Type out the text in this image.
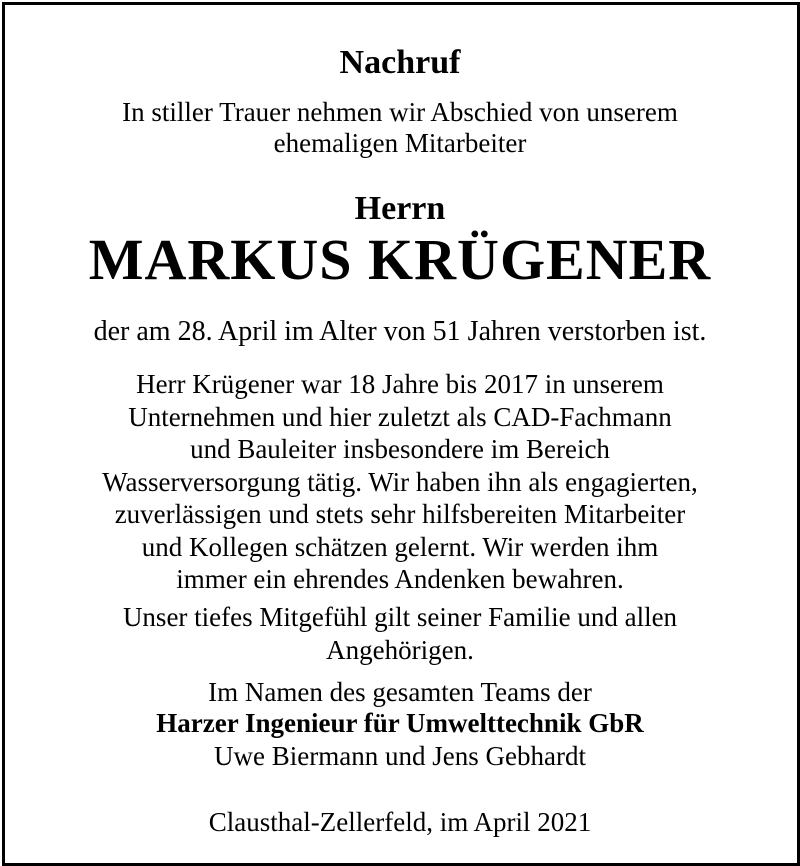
Nachruf
In stiller Trauer nehmen wir Abschied von unserem
ehemaligen Mitarbeiter
Herrn
MARKUS KRÜGENER
der am 28. April im Alter von 51 Jahren verstorben ist.
Herr Krügener war 18 Jahre bis 2017 in unserem
Unternehmen und hier zuletzt als CAD-Fachmann
und Bauleiter insbesondere im Bereich
Wasserversorgung tätig. Wir haben ihn als engagierten,
zuverlässigen und stets sehr hilfsbereiten Mitarbeiter
und Kollegen schätzen gelernt. Wir werden ihm
immer ein ehrendes Andenken bewahren.
Unser tiefes Mitgefühl gilt seiner Familie und allen
Angehörigen.
Im Namen des gesamten Teams der
Harzer Ingenieur für Umwelttechnik GbR
Uwe Biermann und Jens Gebhardt
Clausthal-Zellerfeld, im April 2021
